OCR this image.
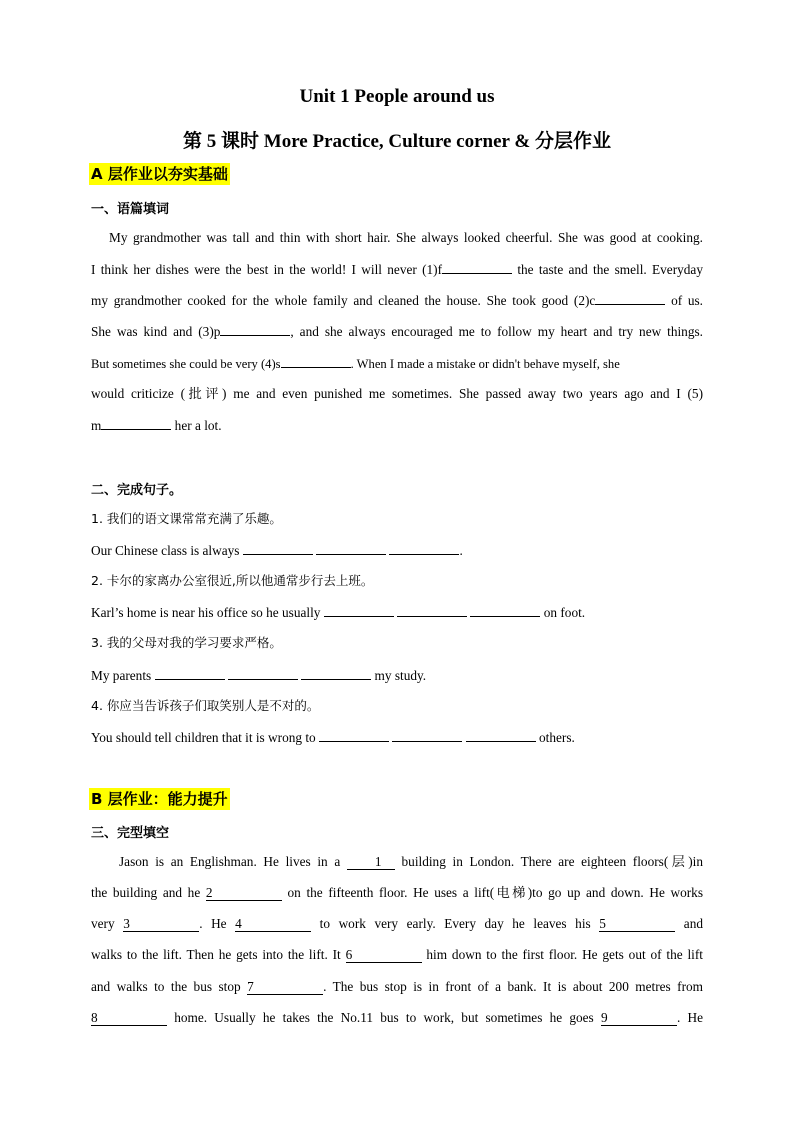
Unit 1 People around us
第 5 课时 More Practice, Culture corner & 分层作业
A 层作业以夯实基础
一、语篇填词
My grandmother was tall and thin with short hair. She always looked cheerful. She was good at cooking.
I think her dishes were the best in the world! I will never (1)f	the taste and the smell. Everyday
my grandmother cooked for the whole family and cleaned the house. She took good (2)c	of us.
She was kind and (3)p	, and she always encouraged me to follow my heart and try new things.
But sometimes she could be very (4)s	. When I made a mistake or didn't behave myself, she
would criticize (批评) me and even punished me sometimes. She passed away two years ago and I (5)
m	her a lot.
二、完成句子。
1. 我们的语文课常常充满了乐趣。
Our Chinese class is always	.
2. 卡尔的家离办公室很近,所以他通常步行去上班。
Karl’s home is near his office so he usually	on foot.
3. 我的父母对我的学习要求严格。
My parents	my study.
4. 你应当告诉孩子们取笑别人是不对的。
You should tell children that it is wrong to	others.
B 层作业：能力提升
三、完型填空
Jason is an Englishman. He lives in a 1 building in London. There are eighteen floors(层)in
the building and he 2	on the fifteenth floor. He uses a lift(电梯)to go up and down. He works
very 3	. He 4	to work very early. Every day he leaves his 5	and
walks to the lift. Then he gets into the lift. It 6	him down to the first floor. He gets out of the lift
and walks to the bus stop 7	. The bus stop is in front of a bank. It is about 200 metres from
8	home. Usually he takes the No.11 bus to work, but sometimes he goes 9	. He
